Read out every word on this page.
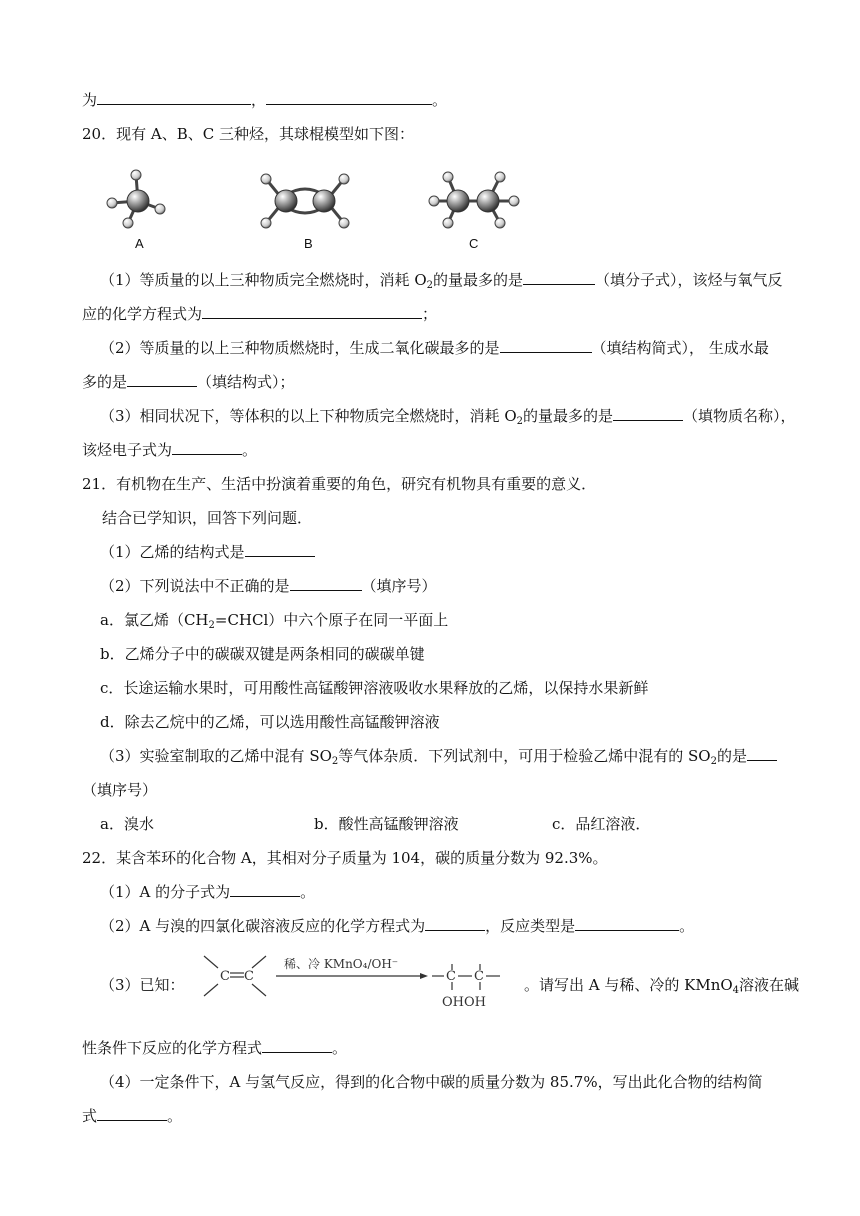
为	，	。
20．现有 A、B、C 三种烃，其球棍模型如下图：
A	B	C
（1）等质量的以上三种物质完全燃烧时，消耗 $O_2$的量最多的是	（填分子式），该烃与氧气反
应的化学方程式为	；
（2）等质量的以上三种物质燃烧时，生成二氧化碳最多的是	（填结构简式）， 生成水最
多的是	（填结构式）；
（3）相同状况下，等体积的以上下种物质完全燃烧时，消耗 $O_2$的量最多的是	（填物质名称），
该烃电子式为	。
21．有机物在生产、生活中扮演着重要的角色，研究有机物具有重要的意义．
结合已学知识，回答下列问题．
（1）乙烯的结构式是
（2）下列说法中不正确的是	（填序号）
a．氯乙烯$(CH_2=CHCl)$中六个原子在同一平面上
b．乙烯分子中的碳碳双键是两条相同的碳碳单键
c．长途运输水果时，可用酸性高锰酸钾溶液吸收水果释放的乙烯，以保持水果新鲜
d．除去乙烷中的乙烯，可以选用酸性高锰酸钾溶液
（3）实验室制取的乙烯中混有 $SO_2$等气体杂质．下列试剂中，可用于检验乙烯中混有的 $SO_2$的是
（填序号）
a．溴水	b．酸性高锰酸钾溶液	c．品红溶液．
22．某含苯环的化合物 A，其相对分子质量为 104，碳的质量分数为 92.3%。
（1）A 的分子式为	。
（2）A 与溴的四氯化碳溶液反应的化学方程式为	，反应类型是	。
（3）已知：	C C	C C
稀、冷 KMnO₄/OH⁻
OHOH
。请写出 A 与稀、冷的 KMnO$_4$溶液在碱
性条件下反应的化学方程式	。
（4）一定条件下，A 与氢气反应，得到的化合物中碳的质量分数为 85.7%，写出此化合物的结构简
式	。
